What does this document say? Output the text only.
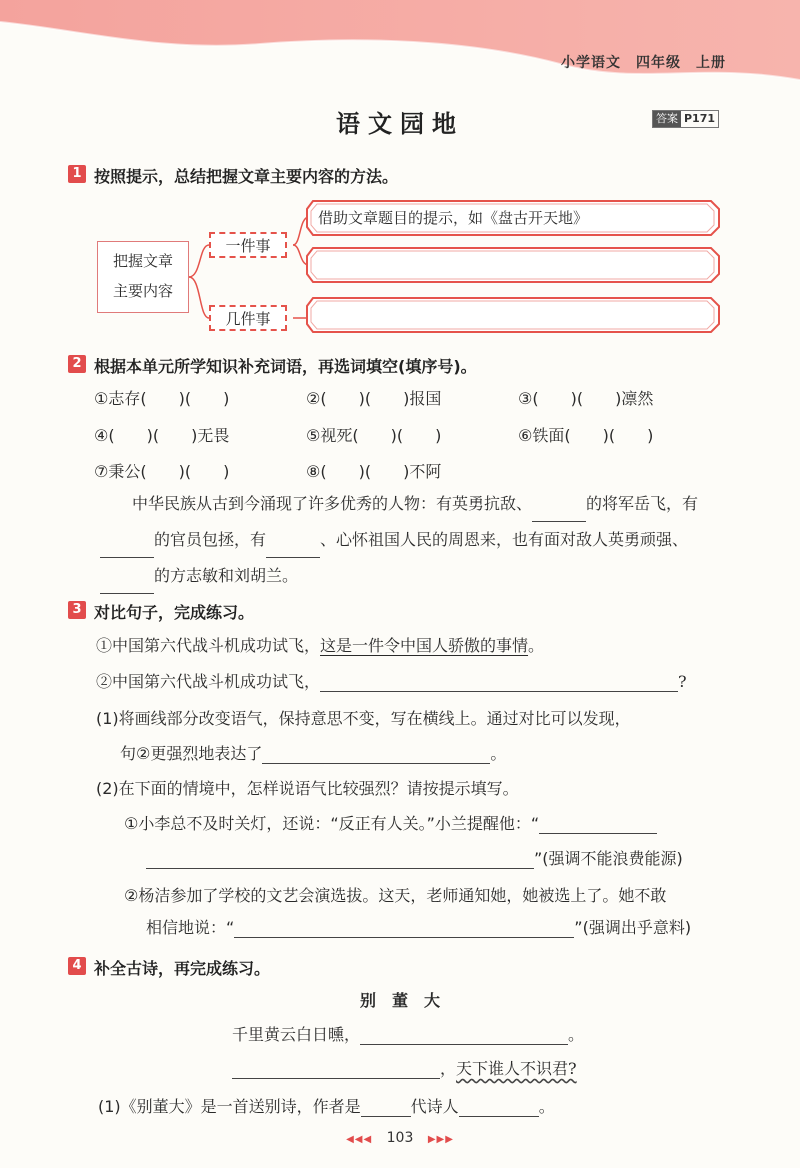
小学语文　四年级　上册
语文园地	答案 P171
1 按照提示，总结把握文章主要内容的方法。
把握文章
主要内容
一件事
几件事
借助文章题目的提示，如《盘古开天地》
2 根据本单元所学知识补充词语，再选词填空(填序号)。
①志存(　　)(　　)	②(　　)(　　)报国	③(　　)(　　)凛然
④(　　)(　　)无畏	⑤视死(　　)(　　)	⑥铁面(　　)(　　)
⑦秉公(　　)(　　)	⑧(　　)(　　)不阿
中华民族从古到今涌现了许多优秀的人物：有英勇抗敌、	的将军岳飞，有 的官员包拯，有	、心怀祖国人民的周恩来，也有面对敌人英勇顽强、 的方志敏和刘胡兰。
3 对比句子，完成练习。
①中国第六代战斗机成功试飞，这是一件令中国人骄傲的事情。
②中国第六代战斗机成功试飞，	?
(1)将画线部分改变语气，保持意思不变，写在横线上。通过对比可以发现，
句②更强烈地表达了	。
(2)在下面的情境中，怎样说语气比较强烈？请按提示填写。
①小李总不及时关灯，还说：“反正有人关。”小兰提醒他：“
”(强调不能浪费能源)
②杨洁参加了学校的文艺会演选拔。这天，老师通知她，她被选上了。她不敢
相信地说：“	”(强调出乎意料)
4 补全古诗，再完成练习。
别　董　大
千里黄云白日曛，	。
，天下谁人不识君?
(1)《别董大》是一首送别诗，作者是	代诗人	。
◀◀◀ 103 ▶▶▶
